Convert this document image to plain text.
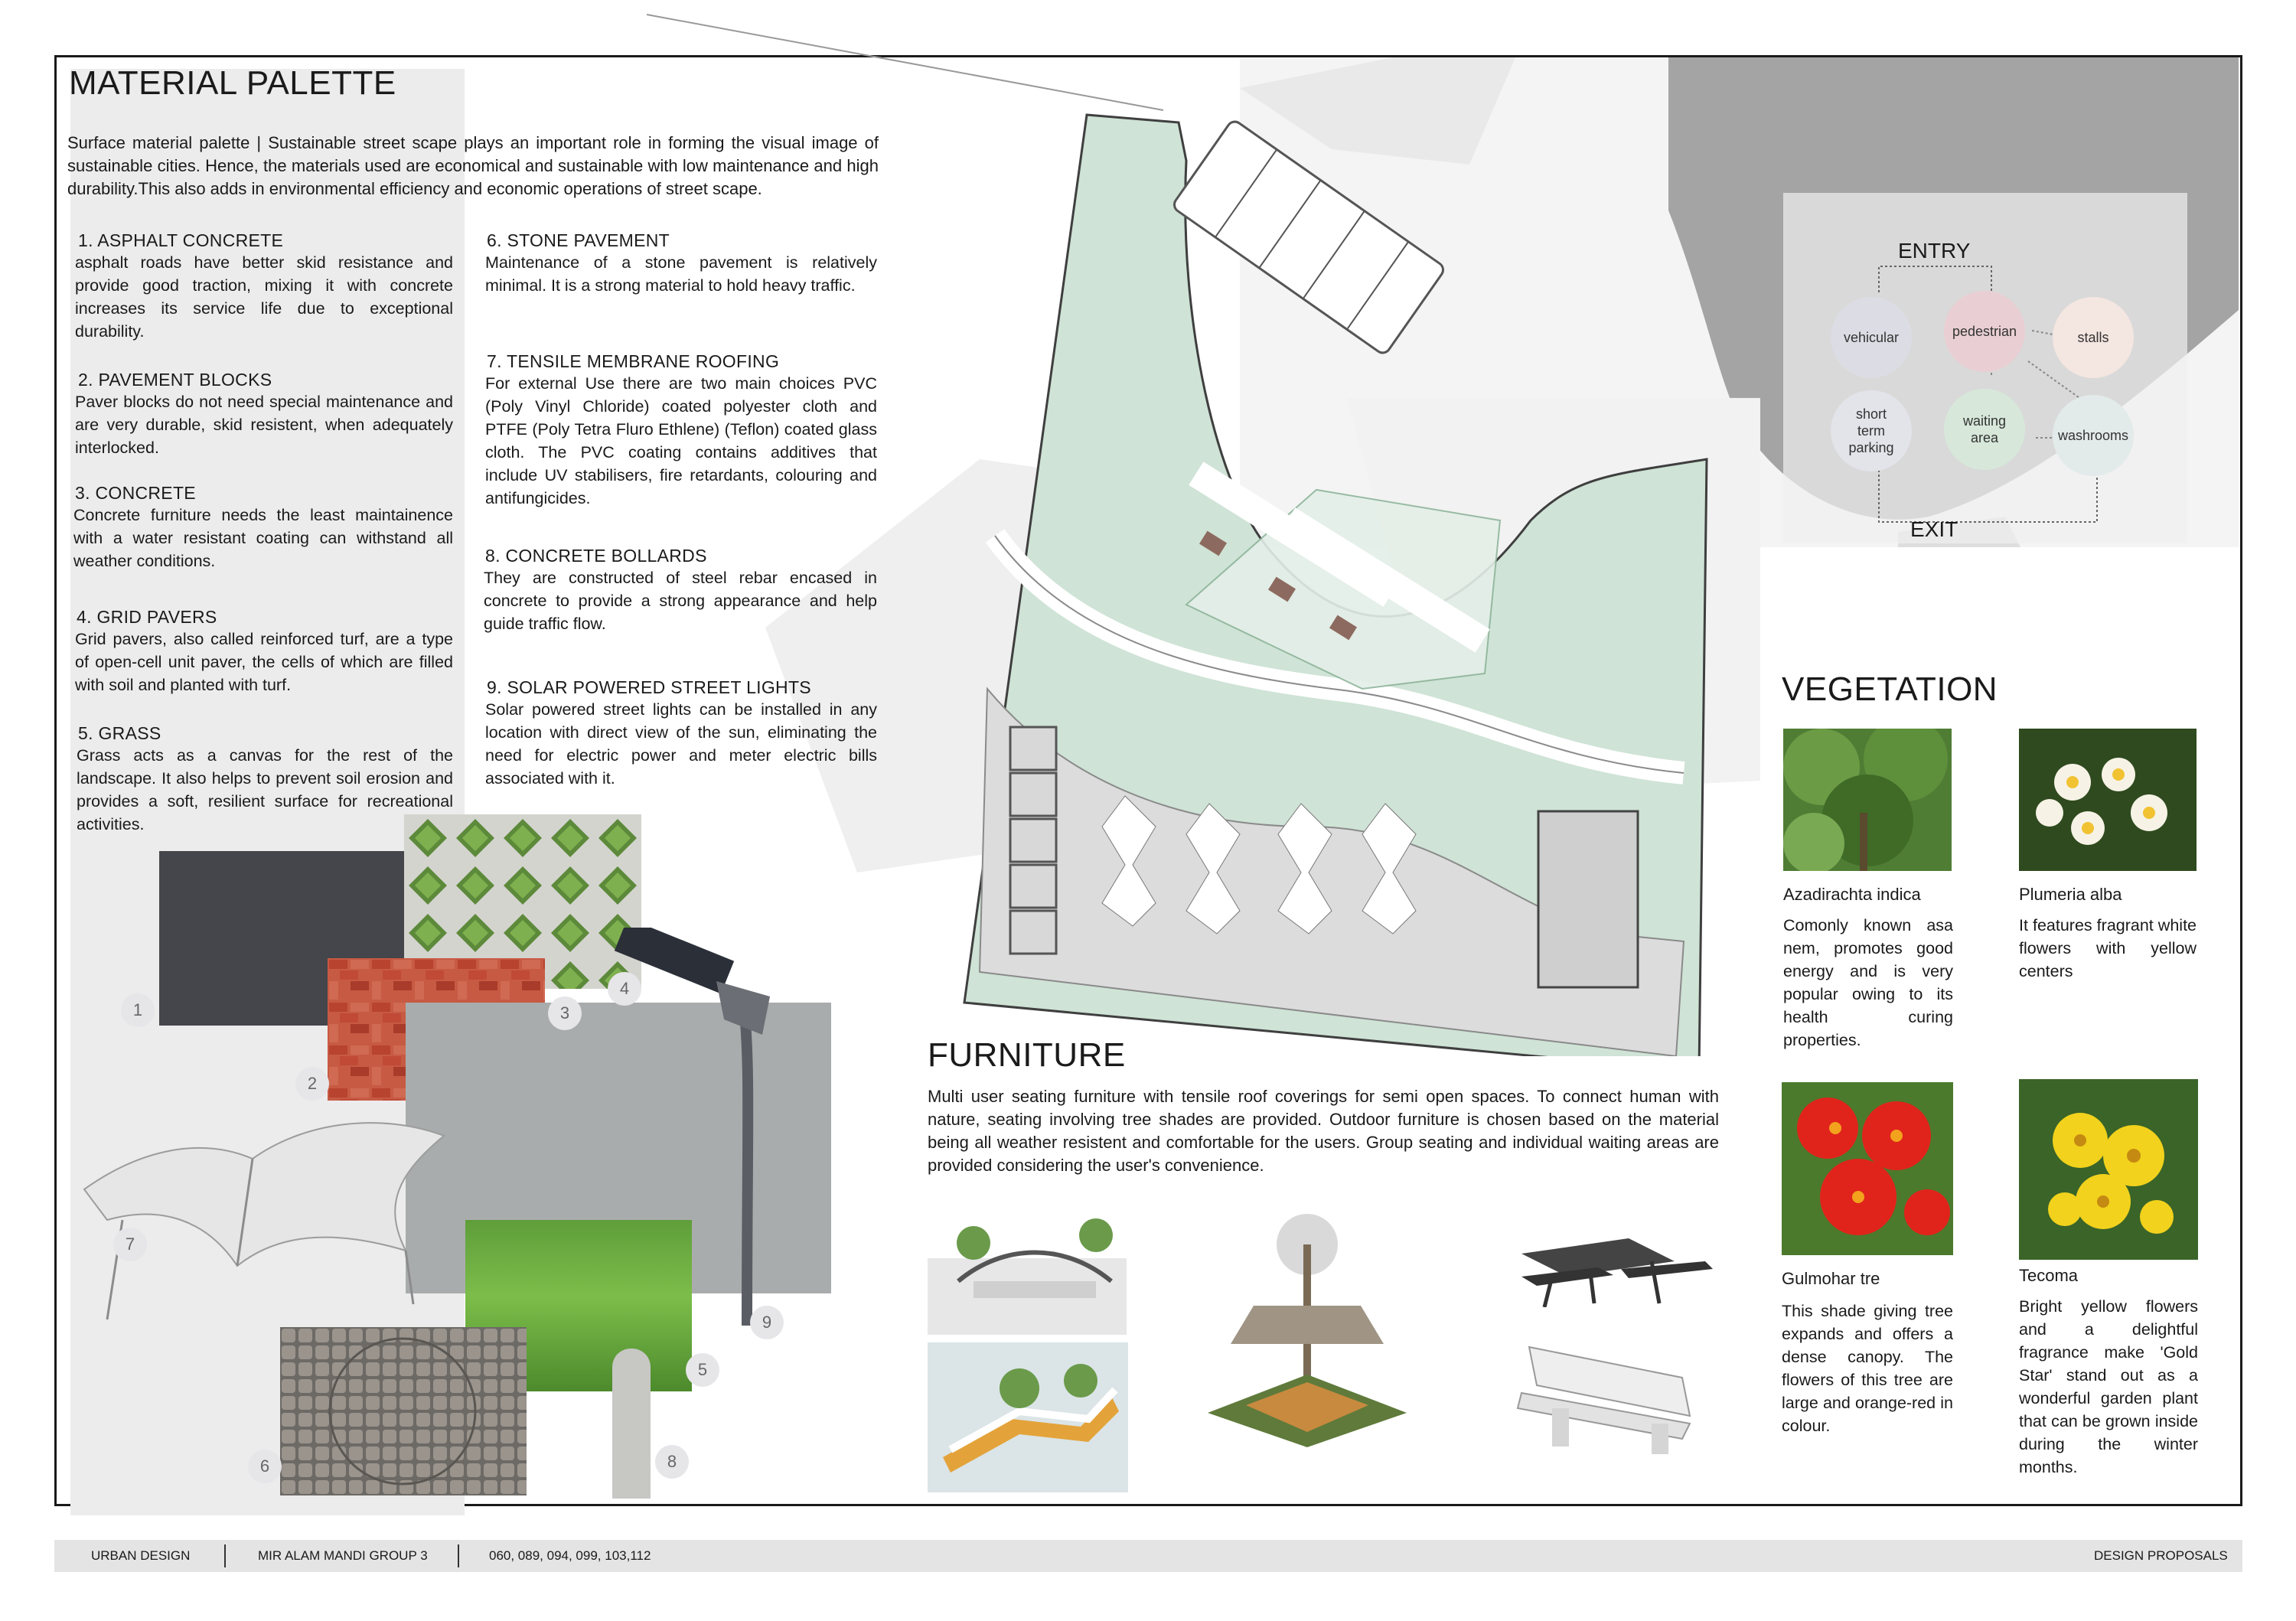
MATERIAL PALETTE
Surface material palette | Sustainable street scape plays an important role in forming the visual image of sustainable cities. Hence, the materials used are economical and sustainable with low maintenance and high durability.This also adds in environmental efficiency and economic operations of street scape.
1. ASPHALT CONCRETE
asphalt roads have better skid resistance and provide good traction, mixing it with concrete increases its service life due to exceptional durability.
2. PAVEMENT BLOCKS
Paver blocks do not need special maintenance and are very durable, skid resistent, when adequately interlocked.
3. CONCRETE
Concrete furniture needs the least maintainence with a water resistant coating can withstand all weather conditions.
4. GRID PAVERS
Grid pavers, also called reinforced turf, are a type of open-cell unit paver, the cells of which are filled with soil and planted with turf.
5. GRASS
Grass acts as a canvas for the rest of the landscape. It also helps to prevent soil erosion and provides a soft, resilient surface for recreational activities.
6. STONE PAVEMENT
Maintenance of a stone pavement is relatively minimal. It is a strong material to hold heavy traffic.
7. TENSILE MEMBRANE ROOFING
For external Use there are two main choices PVC (Poly Vinyl Chloride) coated polyester cloth and PTFE (Poly Tetra Fluro Ethlene) (Teflon) coated glass cloth. The PVC coating contains additives that include UV stabilisers, fire retardants, colouring and antifungicides.
8. CONCRETE BOLLARDS
They are constructed of steel rebar encased in concrete to provide a strong appearance and help guide traffic flow.
9. SOLAR POWERED STREET LIGHTS
Solar powered street lights can be installed in any location with direct view of the sun, eliminating the need for electric power and meter electric bills associated with it.
1
2
3
4
5
6
7
8
9
ENTRY
EXIT
vehicular	pedestrian	stalls
short term parking
waiting area	washrooms
VEGETATION
Azadirachta indica
Comonly known asa nem, promotes good energy and is very popular owing to its health curing properties.
Plumeria alba
It features fragrant white flowers with yellow centers
Gulmohar tre
This shade giving tree expands and offers a dense canopy. The flowers of this tree are large and orange-red in colour.
Tecoma
Bright yellow flowers and a delightful fragrance make 'Gold Star' stand out as a wonderful garden plant that can be grown inside during the winter months.
FURNITURE
Multi user seating furniture with tensile roof coverings for semi open spaces. To connect human with nature, seating involving tree shades are provided. Outdoor furniture is chosen based on the material being all weather resistent and comfortable for the users. Group seating and individual waiting areas are provided considering the user's convenience.
URBAN DESIGN	MIR ALAM MANDI GROUP 3	060, 089, 094, 099, 103,112	DESIGN PROPOSALS
